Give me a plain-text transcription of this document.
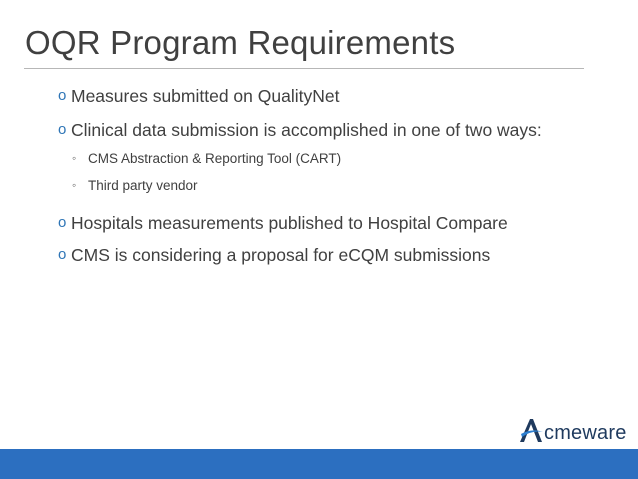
OQR Program Requirements
o Measures submitted on QualityNet
o Clinical data submission is accomplished in one of two ways:
◦ CMS Abstraction & Reporting Tool (CART)
◦ Third party vendor
o Hospitals measurements published to Hospital Compare
o CMS is considering a proposal for eCQM submissions
cmeware
